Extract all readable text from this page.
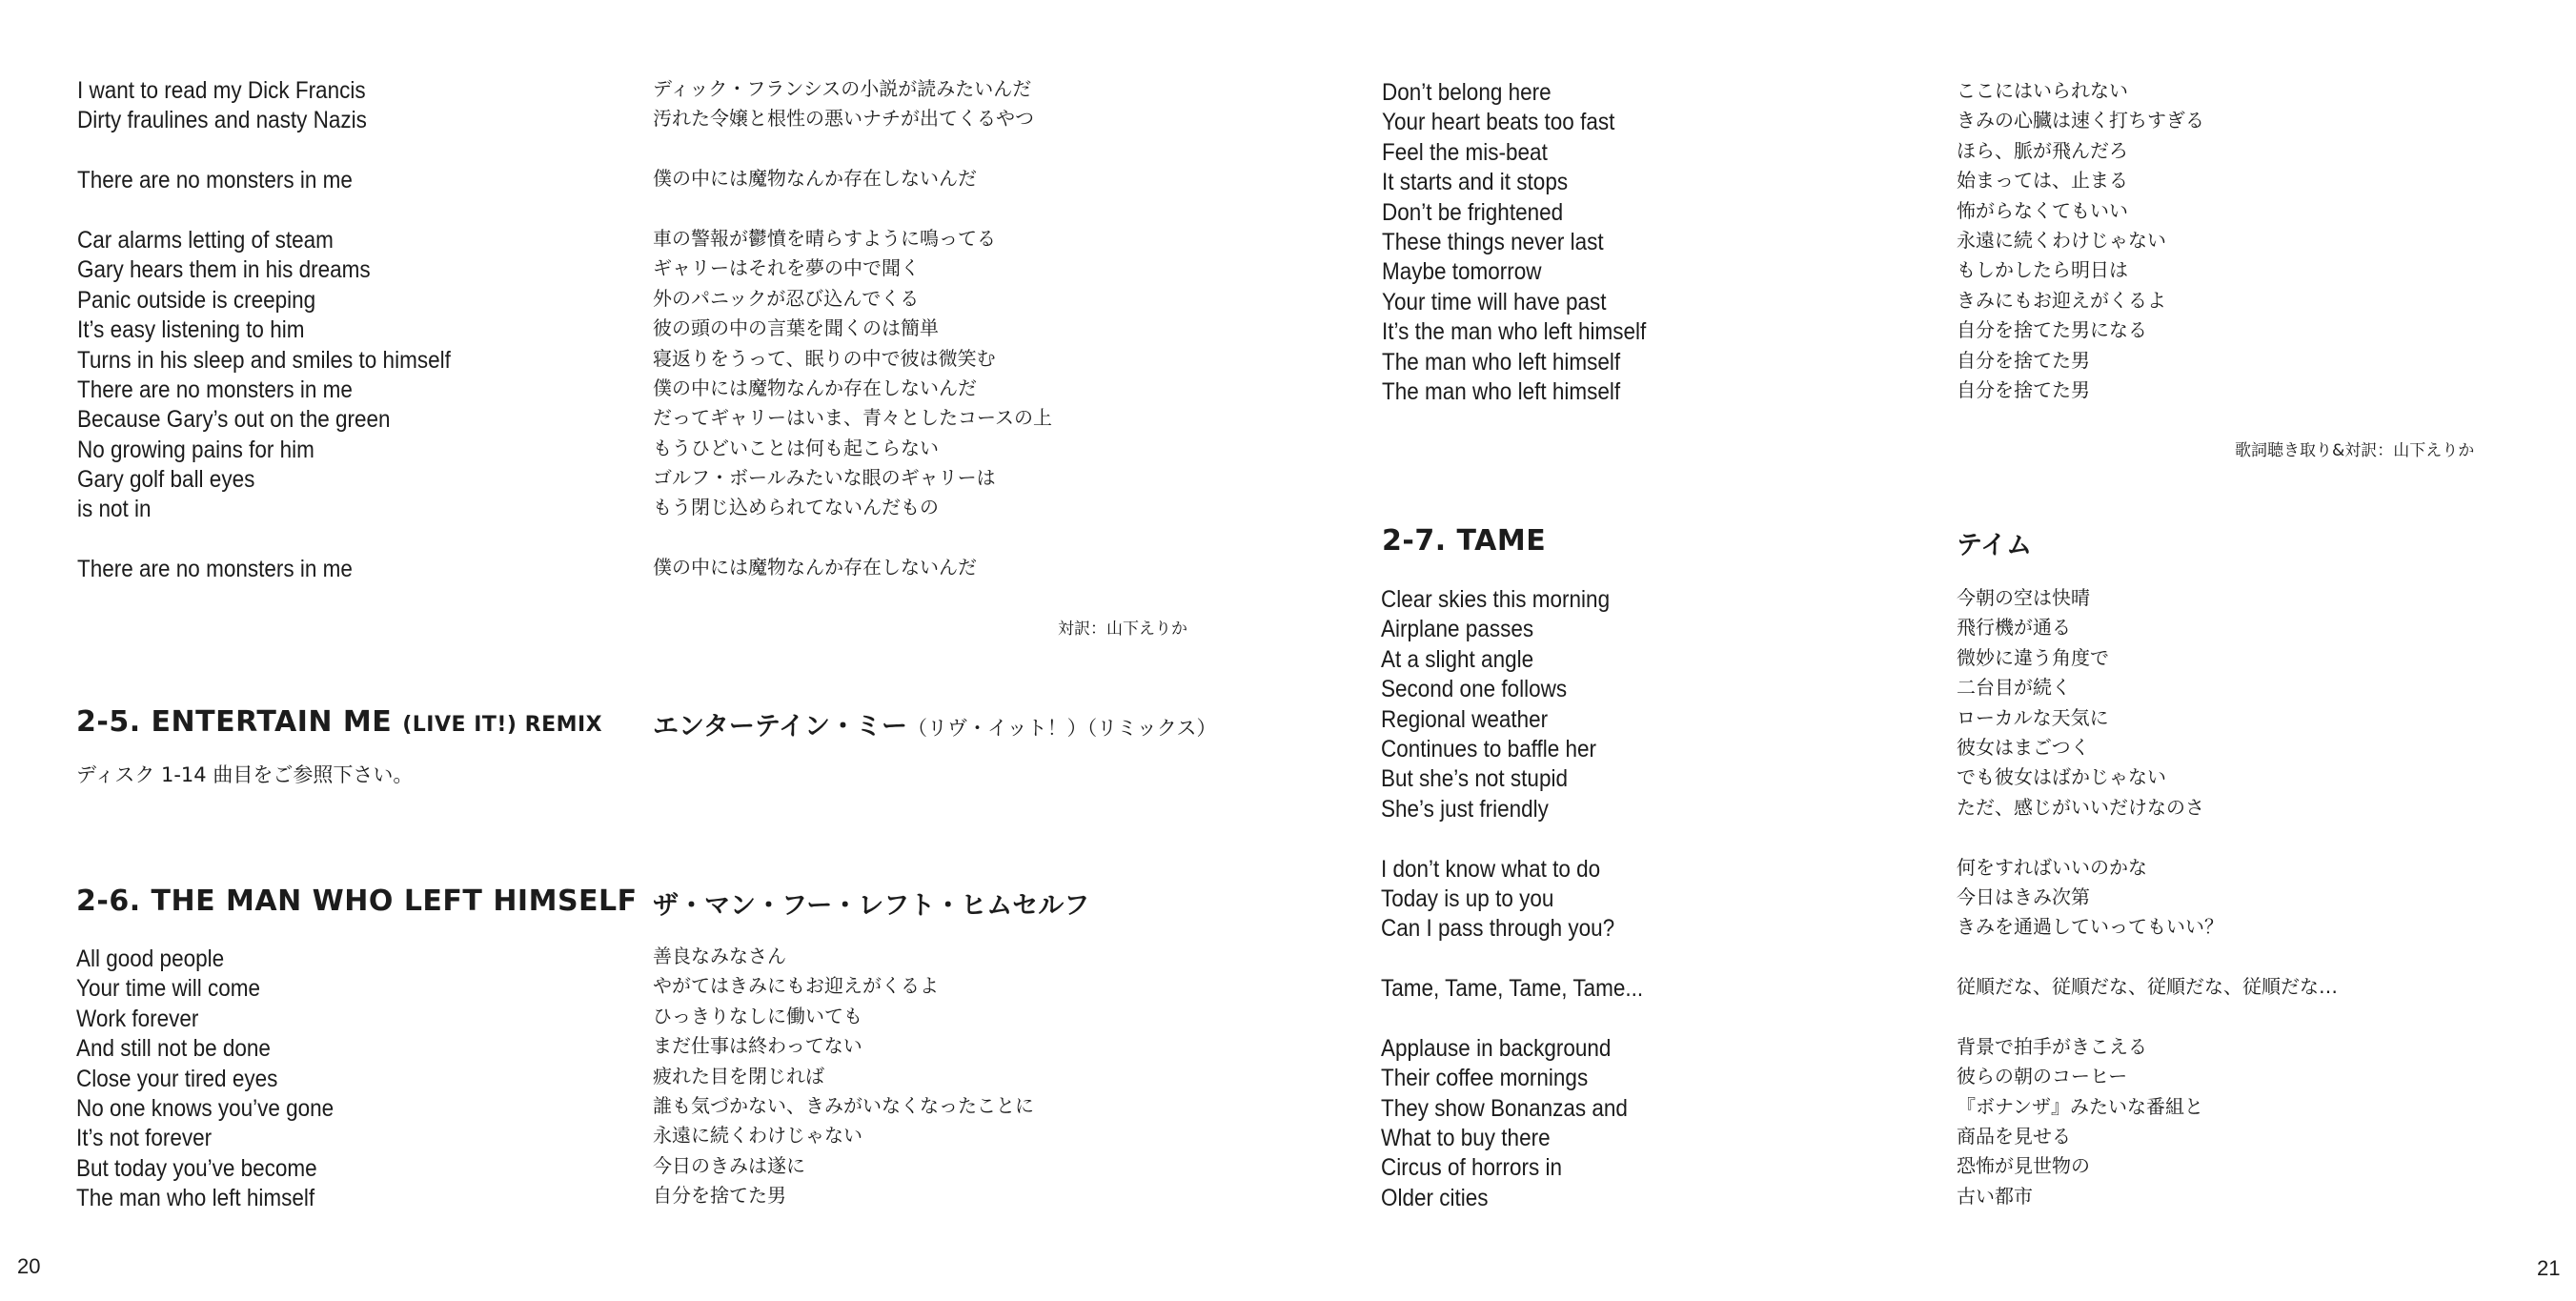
I want to read my Dick Francis
Dirty fraulines and nasty Nazis
There are no monsters in me
Car alarms letting of steam
Gary hears them in his dreams
Panic outside is creeping
It’s easy listening to him
Turns in his sleep and smiles to himself
There are no monsters in me
Because Gary’s out on the green
No growing pains for him
Gary golf ball eyes
is not in
There are no monsters in me
ディック・フランシスの小説が読みたいんだ
汚れた令嬢と根性の悪いナチが出てくるやつ
僕の中には魔物なんか存在しないんだ
車の警報が鬱憤を晴らすように鳴ってる
ギャリーはそれを夢の中で聞く
外のパニックが忍び込んでくる
彼の頭の中の言葉を聞くのは簡単
寝返りをうって、眠りの中で彼は微笑む
僕の中には魔物なんか存在しないんだ
だってギャリーはいま、青々としたコースの上
もうひどいことは何も起こらない
ゴルフ・ボールみたいな眼のギャリーは
もう閉じ込められてないんだもの
僕の中には魔物なんか存在しないんだ
対訳：山下えりか
2-5. ENTERTAIN ME (LIVE IT!) REMIX エンターテイン・ミー（リヴ・イット！）（リミックス）
ディスク 1-14 曲目をご参照下さい。
2-6. THE MAN WHO LEFT HIMSELF ザ・マン・フー・レフト・ヒムセルフ
All good people
Your time will come
Work forever
And still not be done
Close your tired eyes
No one knows you’ve gone
It’s not forever
But today you’ve become
The man who left himself
善良なみなさん
やがてはきみにもお迎えがくるよ
ひっきりなしに働いても
まだ仕事は終わってない
疲れた目を閉じれば
誰も気づかない、きみがいなくなったことに
永遠に続くわけじゃない
今日のきみは遂に
自分を捨てた男
20
Don’t belong here
Your heart beats too fast
Feel the mis-beat
It starts and it stops
Don’t be frightened
These things never last
Maybe tomorrow
Your time will have past
It’s the man who left himself
The man who left himself
The man who left himself
ここにはいられない
きみの心臓は速く打ちすぎる
ほら、脈が飛んだろ
始まっては、止まる
怖がらなくてもいい
永遠に続くわけじゃない
もしかしたら明日は
きみにもお迎えがくるよ
自分を捨てた男になる
自分を捨てた男
自分を捨てた男
歌詞聴き取り&対訳：山下えりか
2-7. TAME	テイム
Clear skies this morning
Airplane passes
At a slight angle
Second one follows
Regional weather
Continues to baffle her
But she’s not stupid
She’s just friendly
I don’t know what to do
Today is up to you
Can I pass through you?
Tame, Tame, Tame, Tame...
Applause in background
Their coffee mornings
They show Bonanzas and
What to buy there
Circus of horrors in
Older cities
今朝の空は快晴
飛行機が通る
微妙に違う角度で
二台目が続く
ローカルな天気に
彼女はまごつく
でも彼女はばかじゃない
ただ、感じがいいだけなのさ
何をすればいいのかな
今日はきみ次第
きみを通過していってもいい？
従順だな、従順だな、従順だな、従順だな…
背景で拍手がきこえる
彼らの朝のコーヒー
『ボナンザ』みたいな番組と
商品を見せる
恐怖が見世物の
古い都市
21
